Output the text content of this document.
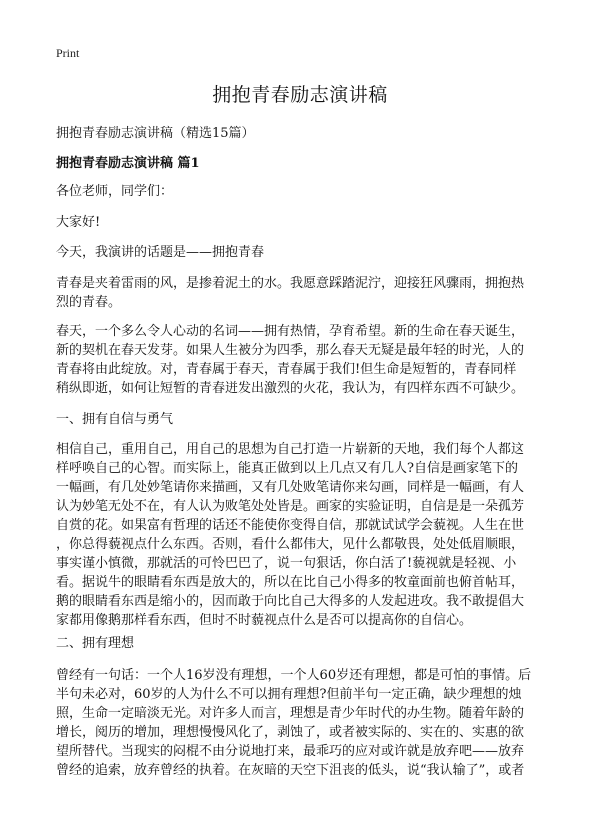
Print
拥抱青春励志演讲稿

拥抱青春励志演讲稿（精选15篇）

拥抱青春励志演讲稿 篇1

各位老师，同学们：

大家好!

今天，我演讲的话题是——拥抱青春

青春是夹着雷雨的风，是掺着泥土的水。我愿意踩踏泥泞，迎接狂风骤雨，拥抱热
烈的青春。

春天，一个多么令人心动的名词——拥有热情，孕育希望。新的生命在春天诞生，
新的契机在春天发芽。如果人生被分为四季，那么春天无疑是最年轻的时光，人的
青春将由此绽放。对，青春属于春天，青春属于我们!但生命是短暂的，青春同样
稍纵即逝，如何让短暂的青春迸发出激烈的火花，我认为，有四样东西不可缺少。

一、拥有自信与勇气

相信自己，重用自己，用自己的思想为自己打造一片崭新的天地，我们每个人都这
样呼唤自己的心智。而实际上，能真正做到以上几点又有几人?自信是画家笔下的
一幅画，有几处妙笔请你来描画，又有几处败笔请你来勾画，同样是一幅画，有人
认为妙笔无处不在，有人认为败笔处处皆是。画家的实验证明，自信是是一朵孤芳
自赏的花。如果富有哲理的话还不能使你变得自信，那就试试学会藐视。人生在世
，你总得藐视点什么东西。否则，看什么都伟大，见什么都敬畏，处处低眉顺眼，
事实谨小慎微，那就活的可怜巴巴了，说一句狠话，你白活了!藐视就是轻视、小
看。据说牛的眼睛看东西是放大的，所以在比自己小得多的牧童面前也俯首帖耳，
鹅的眼睛看东西是缩小的，因而敢于向比自己大得多的人发起进攻。我不敢提倡大
家都用像鹅那样看东西，但时不时藐视点什么是否可以提高你的自信心。

二、拥有理想

曾经有一句话：一个人16岁没有理想，一个人60岁还有理想，都是可怕的事情。后
半句未必对，60岁的人为什么不可以拥有理想?但前半句一定正确，缺少理想的烛
照，生命一定暗淡无光。对许多人而言，理想是青少年时代的办生物。随着年龄的
增长，阅历的增加，理想慢慢风化了，剥蚀了，或者被实际的、实在的、实惠的欲
望所替代。当现实的闷棍不由分说地打来，最乖巧的应对或许就是放弃吧——放弃
曾经的追索，放弃曾经的执着。在灰暗的天空下沮丧的低头，说“我认输了”，或者
